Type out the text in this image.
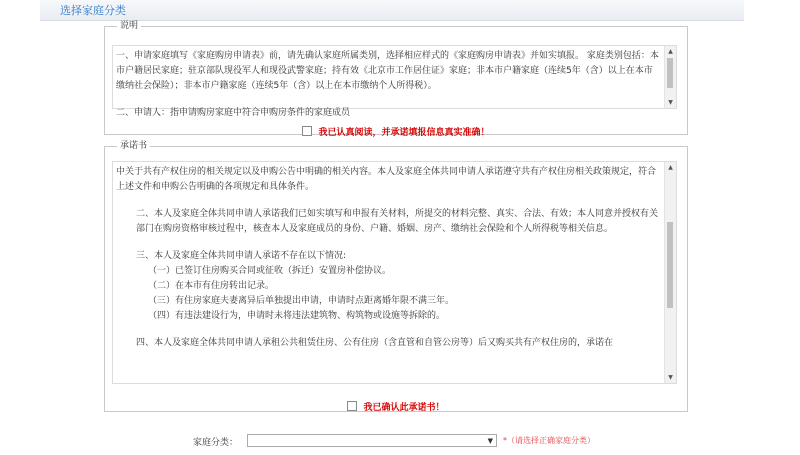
选择家庭分类
说明

一、申请家庭填写《家庭购房申请表》前，请先确认家庭所属类别，选择相应样式的《家庭购房申请表》并如实填报。 家庭类别包括：本市户籍居民家庭；驻京部队现役军人和现役武警家庭；持有效《北京市工作居住证》家庭；非本市户籍家庭（连续5年（含）以上在本市缴纳社会保险）；非本市户籍家庭（连续5年（含）以上在本市缴纳个人所得税）。

二、申请人：指申请购房家庭中符合申购房条件的家庭成员

▲
▼
我已认真阅读，并承诺填报信息真实准确！
承诺书

中关于共有产权住房的相关规定以及申购公告中明确的相关内容。本人及家庭全体共同申请人承诺遵守共有产权住房相关政策规定，符合上述文件和申购公告明确的各项规定和具体条件。

二、本人及家庭全体共同申请人承诺我们已如实填写和申报有关材料，所提交的材料完整、真实、合法、有效；本人同意并授权有关部门在购房资格审核过程中，核查本人及家庭成员的身份、户籍、婚姻、房产、缴纳社会保险和个人所得税等相关信息。

三、本人及家庭全体共同申请人承诺不存在以下情况:

（一）已签订住房购买合同或征收（拆迁）安置房补偿协议。

（二）在本市有住房转出记录。

（三）有住房家庭夫妻离异后单独提出申请，申请时点距离婚年限不满三年。

（四）有违法建设行为，申请时未将违法建筑物、构筑物或设施等拆除的。

四、本人及家庭全体共同申请人承租公共租赁住房、公有住房（含直管和自管公房等）后又购买共有产权住房的，承诺在

▲
▼
我已确认此承诺书！
家庭分类：	▼ *（请选择正确家庭分类）
